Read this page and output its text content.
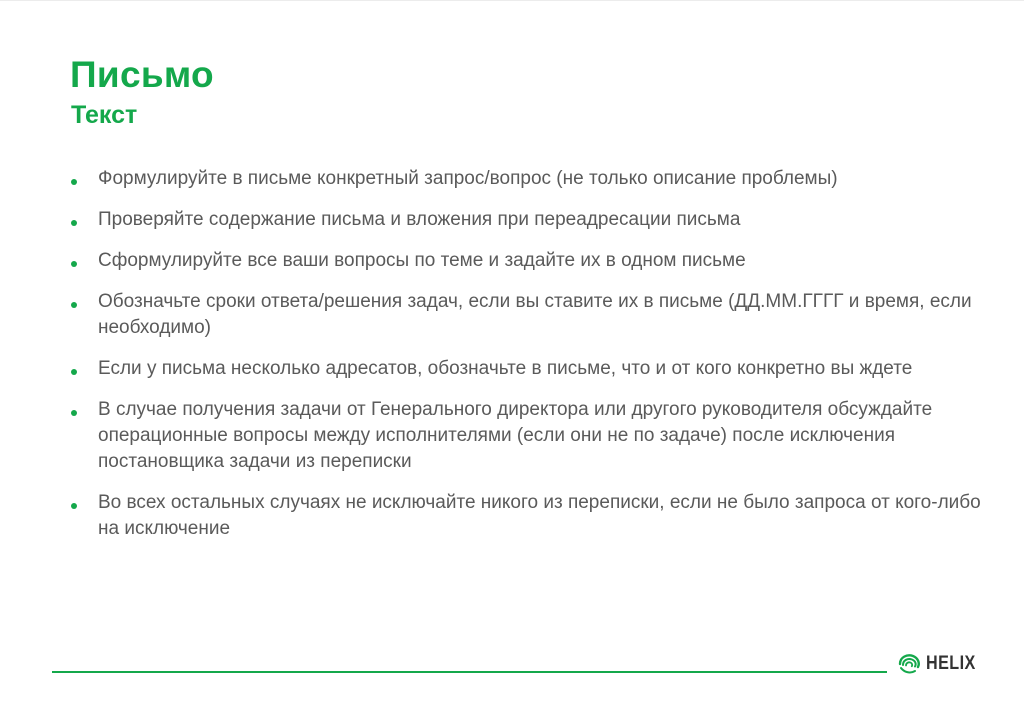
Письмо
Текст
Формулируйте в письме конкретный запрос/вопрос (не только описание проблемы)
Проверяйте содержание письма и вложения при переадресации письма
Сформулируйте все ваши вопросы по теме и задайте их в одном письме
Обозначьте сроки ответа/решения задач, если вы ставите их в письме (ДД.ММ.ГГГГ и время, если необходимо)
Если у письма несколько адресатов, обозначьте в письме, что и от кого конкретно вы ждете
В случае получения задачи от Генерального директора или другого руководителя обсуждайте операционные вопросы между исполнителями (если они не по задаче) после исключения постановщика задачи из переписки
Во всех остальных случаях не исключайте никого из переписки, если не было запроса от кого-либо на исключение
HELIX
